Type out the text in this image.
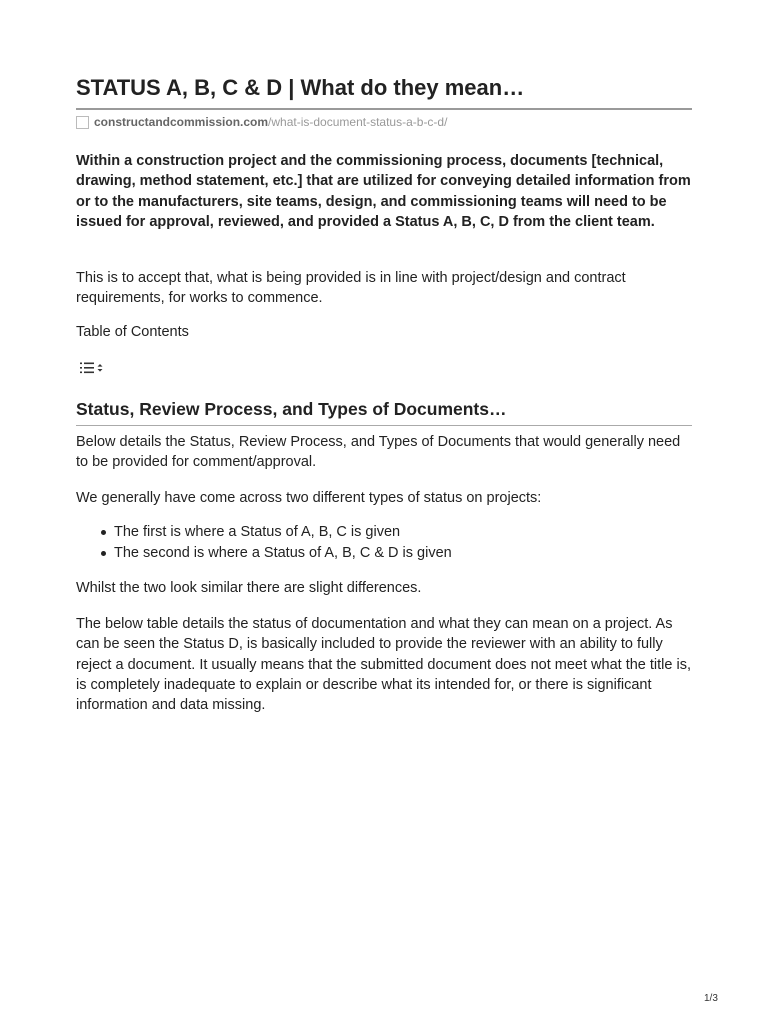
STATUS A, B, C & D | What do they mean…
constructandcommission.com /what-is-document-status-a-b-c-d/

Within a construction project and the commissioning process, documents [technical, drawing, method statement, etc.] that are utilized for conveying detailed information from or to the manufacturers, site teams, design, and commissioning teams will need to be issued for approval, reviewed, and provided a Status A, B, C, D from the client team.

This is to accept that, what is being provided is in line with project/design and contract requirements, for works to commence.

Table of Contents

Status, Review Process, and Types of Documents…

Below details the Status, Review Process, and Types of Documents that would generally need to be provided for comment/approval.

We generally have come across two different types of status on projects:

The first is where a Status of A, B, C is given
The second is where a Status of A, B, C & D is given

Whilst the two look similar there are slight differences.

The below table details the status of documentation and what they can mean on a project. As can be seen the Status D, is basically included to provide the reviewer with an ability to fully reject a document. It usually means that the submitted document does not meet what the title is, is completely inadequate to explain or describe what its intended for, or there is significant information and data missing.

1/3
